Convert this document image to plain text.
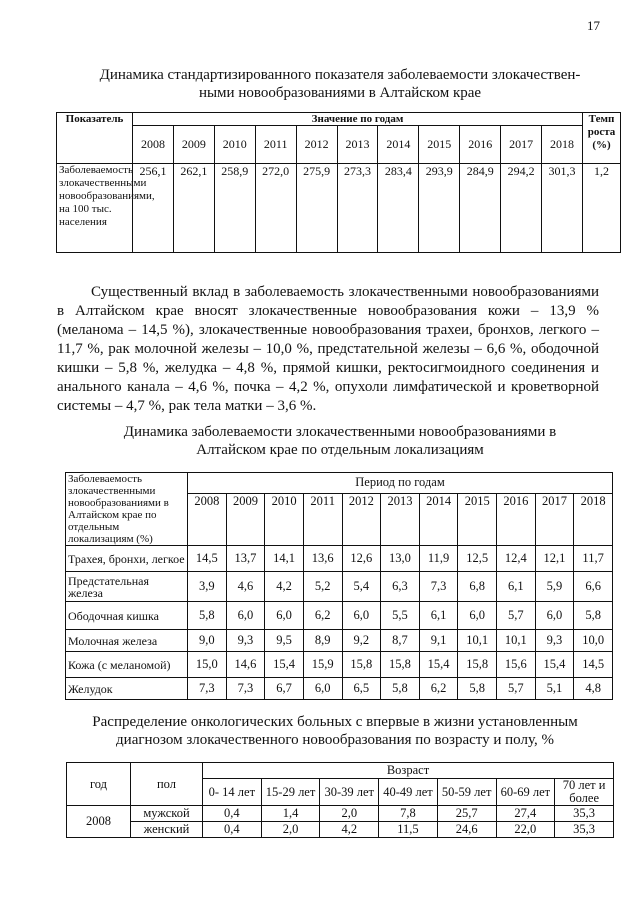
17
Динамика стандартизированного показателя заболеваемости злокачествен-ными новообразованиями в Алтайском крае
Показатель	Значение по годам											Темп роста (%)
	2008	2009	2010	2011	2012	2013	2014	2015	2016	2017	2018	
Заболеваемость злокачественными новообразованиями, на 100 тыс. населения	256,1	262,1	258,9	272,0	275,9	273,3	283,4	293,9	284,9	294,2	301,3	1,2

Существенный вклад в заболеваемость злокачественными новообразованиями в Алтайском крае вносят злокачественные новообразования кожи – 13,9 % (меланома – 14,5 %), злокачественные новообразования трахеи, бронхов, легкого – 11,7 %, рак молочной железы – 10,0 %, предстательной железы – 6,6 %, ободочной кишки – 5,8 %, желудка – 4,8 %, прямой кишки, ректосигмоидного соединения и анального канала – 4,6 %, почка – 4,2 %, опухоли лимфатической и кроветворной системы – 4,7 %, рак тела матки – 3,6 %.

Динамика заболеваемости злокачественными новообразованиями в Алтайском крае по отдельным локализациям
Заболеваемость злокачественными новообразованиями в Алтайском крае по отдельным локализациям (%)	Период по годам										
	2008	2009	2010	2011	2012	2013	2014	2015	2016	2017	2018
Трахея, бронхи, легкое	14,5	13,7	14,1	13,6	12,6	13,0	11,9	12,5	12,4	12,1	11,7
Предстательная железа	3,9	4,6	4,2	5,2	5,4	6,3	7,3	6,8	6,1	5,9	6,6
Ободочная кишка	5,8	6,0	6,0	6,2	6,0	5,5	6,1	6,0	5,7	6,0	5,8
Молочная железа	9,0	9,3	9,5	8,9	9,2	8,7	9,1	10,1	10,1	9,3	10,0
Кожа (с меланомой)	15,0	14,6	15,4	15,9	15,8	15,8	15,4	15,8	15,6	15,4	14,5
Желудок	7,3	7,3	6,7	6,0	6,5	5,8	6,2	5,8	5,7	5,1	4,8
Распределение онкологических больных с впервые в жизни установленным диагнозом злокачественного новообразования по возрасту и полу, %
год	пол	Возраст						
		0- 14 лет	15-29 лет	30-39 лет	40-49 лет	50-59 лет	60-69 лет	70 лет и более
2008	мужской	0,4	1,4	2,0	7,8	25,7	27,4	35,3
	женский	0,4	2,0	4,2	11,5	24,6	22,0	35,3
